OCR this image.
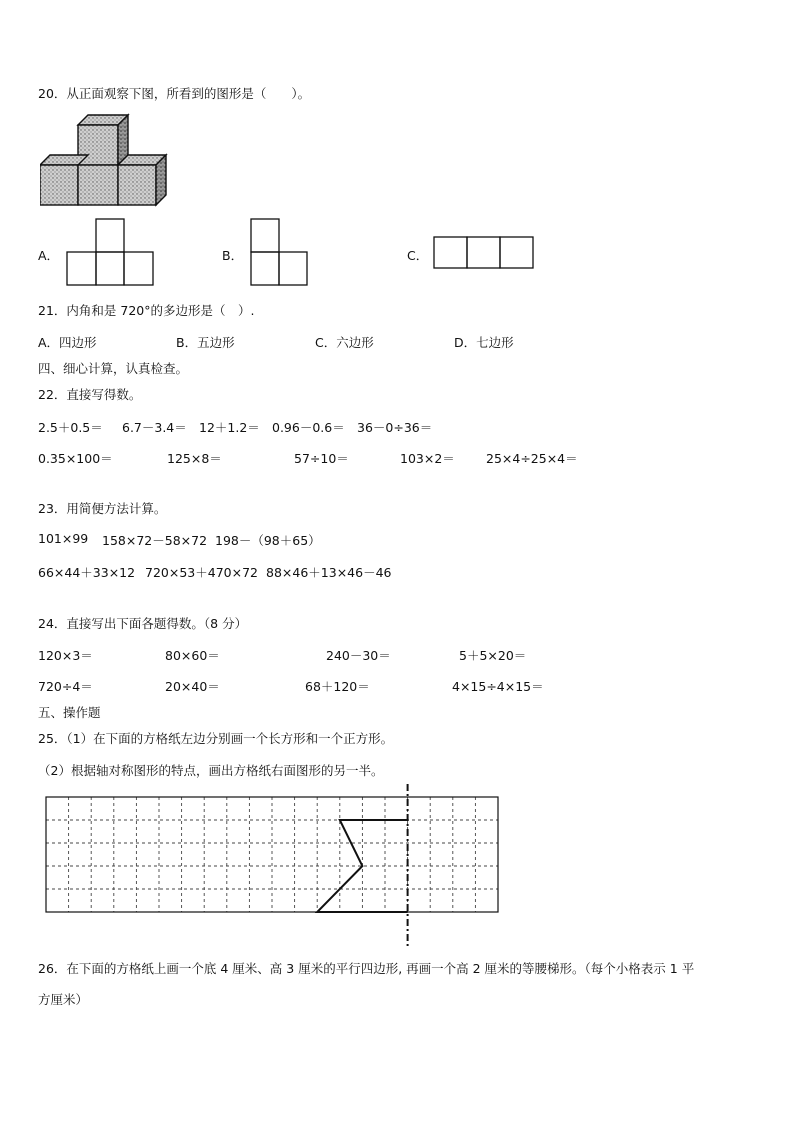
20．从正面观察下图，所看到的图形是（　　）。
A．	B．	C．
21．内角和是 720°的多边形是（　）.
A．四边形	B．五边形	C．六边形	D．七边形
四、细心计算，认真检查。
22．直接写得数。
2.5＋0.5＝ 6.7－3.4＝ 12＋1.2＝ 0.96－0.6＝ 36－0÷36＝
0.35×100＝	125×8＝	57÷10＝	103×2＝ 25×4÷25×4＝
23．用简便方法计算。
101×99 158×72－58×72 198－（98＋65）
66×44＋33×12 720×53＋470×72 88×46＋13×46－46
24．直接写出下面各题得数。（8 分）
120×3＝	80×60＝	240－30＝	5＋5×20＝
720÷4＝	20×40＝	68＋120＝	4×15÷4×15＝
五、操作题
25．（1）在下面的方格纸左边分别画一个长方形和一个正方形。
（2）根据轴对称图形的特点，画出方格纸右面图形的另一半。
26．在下面的方格纸上画一个底 4 厘米、高 3 厘米的平行四边形, 再画一个高 2 厘米的等腰梯形。（每个小格表示 1 平
方厘米）
